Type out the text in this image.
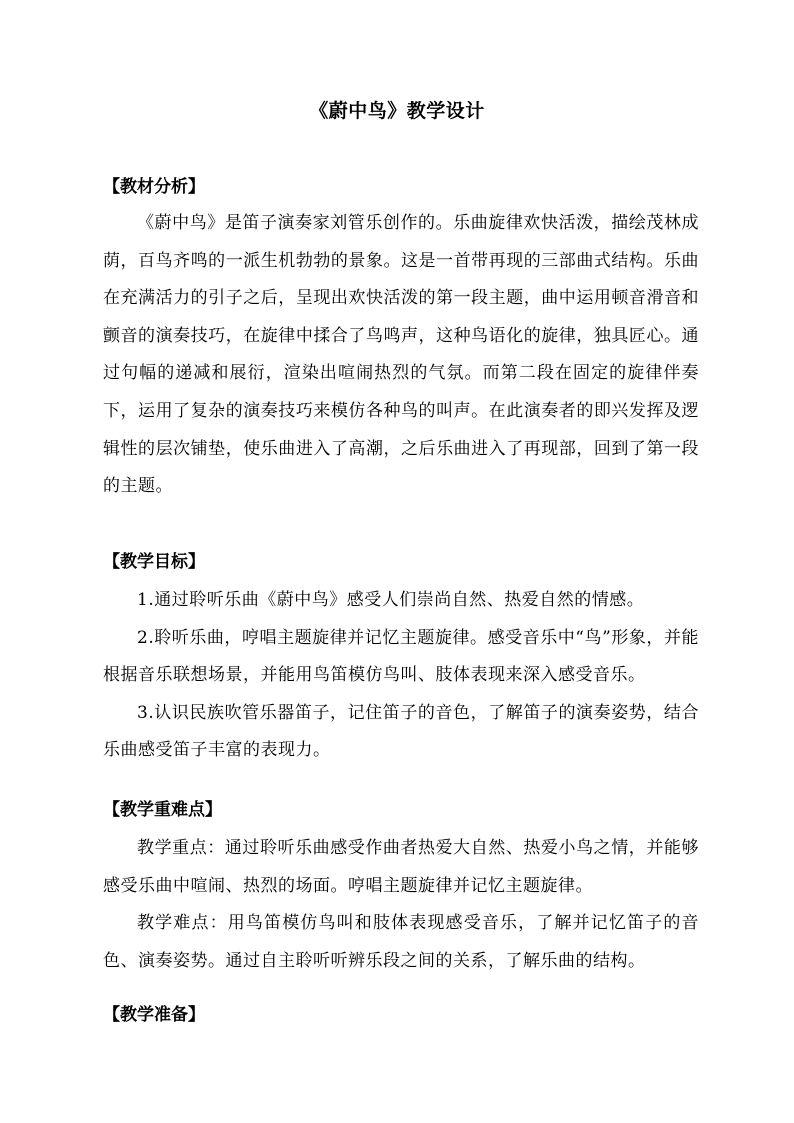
《蔚中鸟》教学设计
【教材分析】

《蔚中鸟》是笛子演奏家刘管乐创作的。乐曲旋律欢快活泼，描绘茂林成荫，百鸟齐鸣的一派生机勃勃的景象。这是一首带再现的三部曲式结构。乐曲在充满活力的引子之后，呈现出欢快活泼的第一段主题，曲中运用顿音滑音和颤音的演奏技巧，在旋律中揉合了鸟鸣声，这种鸟语化的旋律，独具匠心。通过句幅的递减和展衍，渲染出喧闹热烈的气氛。而第二段在固定的旋律伴奏下，运用了复杂的演奏技巧来模仿各种鸟的叫声。在此演奏者的即兴发挥及逻辑性的层次铺垫，使乐曲进入了高潮，之后乐曲进入了再现部，回到了第一段的主题。

【教学目标】

1.通过聆听乐曲《蔚中鸟》感受人们崇尚自然、热爱自然的情感。

2.聆听乐曲，哼唱主题旋律并记忆主题旋律。感受音乐中“鸟”形象，并能根据音乐联想场景，并能用鸟笛模仿鸟叫、肢体表现来深入感受音乐。

3.认识民族吹管乐器笛子，记住笛子的音色，了解笛子的演奏姿势，结合乐曲感受笛子丰富的表现力。

【教学重难点】

教学重点：通过聆听乐曲感受作曲者热爱大自然、热爱小鸟之情，并能够感受乐曲中喧闹、热烈的场面。哼唱主题旋律并记忆主题旋律。

教学难点：用鸟笛模仿鸟叫和肢体表现感受音乐，了解并记忆笛子的音色、演奏姿势。通过自主聆听听辨乐段之间的关系，了解乐曲的结构。

【教学准备】
